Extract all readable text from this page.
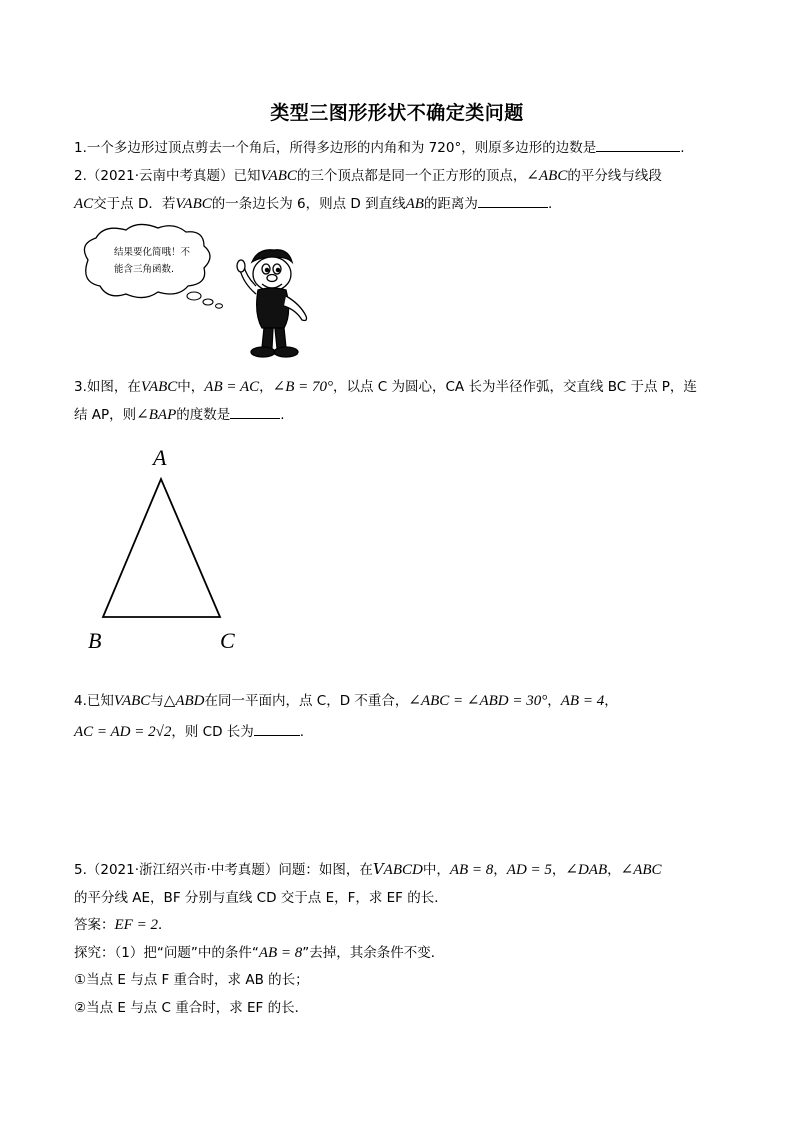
类型三图形形状不确定类问题
1.一个多边形过顶点剪去一个角后，所得多边形的内角和为 720°，则原多边形的边数是	.
2.（2021·云南中考真题）已知VABC的三个顶点都是同一个正方形的顶点，∠ABC的平分线与线段
AC交于点 D．若VABC的一条边长为 6，则点 D 到直线AB的距离为	.
结果要化简哦！不
能含三角函数.
3.如图，在VABC中，AB = AC，∠B = 70°，以点 C 为圆心，CA 长为半径作弧，交直线 BC 于点 P，连
结 AP，则∠BAP的度数是	.
A
B	C
4.已知VABC与△ABD在同一平面内，点 C，D 不重合，∠ABC = ∠ABD = 30°，AB = 4，
AC = AD = 2√2，则 CD 长为	.
5.（2021·浙江绍兴市·中考真题）问题：如图，在ⅤABCD中，AB = 8，AD = 5，∠DAB，∠ABC
的平分线 AE，BF 分别与直线 CD 交于点 E，F，求 EF 的长．
答案：EF = 2．
探究：（1）把“问题”中的条件“AB = 8”去掉，其余条件不变．
①当点 E 与点 F 重合时，求 AB 的长；
②当点 E 与点 C 重合时，求 EF 的长．
